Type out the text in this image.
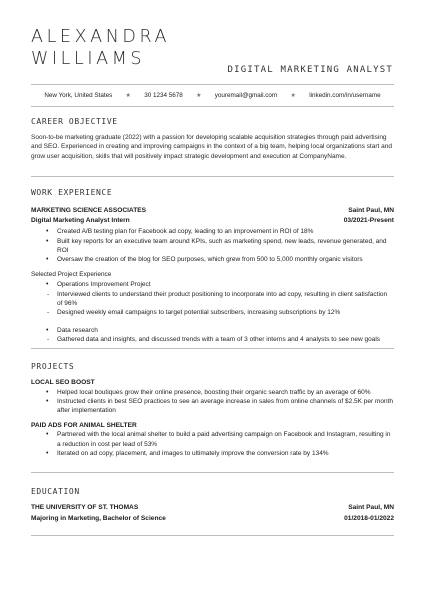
ALEXANDRA
WILLIAMS
DIGITAL MARKETING ANALYST
New York, United States ★ 30 1234 5678 ★ youremail@gmail.com ★ linkedin.com/in/username
CAREER OBJECTIVE
Soon-to-be marketing graduate (2022) with a passion for developing scalable acquisition strategies through paid advertising and SEO. Experienced in creating and improving campaigns in the context of a big team, helping local organizations start and grow user acquisition, skills that will positively impact strategic development and execution at CompanyName.
WORK EXPERIENCE
MARKETING SCIENCE ASSOCIATES	Saint Paul, MN
Digital Marketing Analyst Intern	03/2021-Present
• Created A/B testing plan for Facebook ad copy, leading to an improvement in ROI of 18%
• Built key reports for an executive team around KPIs, such as marketing spend, new leads, revenue generated, and ROI
• Oversaw the creation of the blog for SEO purposes, which grew from 500 to 5,000 monthly organic visitors
Selected Project Experience
• Operations Improvement Project
- Interviewed clients to understand their product positioning to incorporate into ad copy, resulting in client satisfaction of 96%
- Designed weekly email campaigns to target potential subscribers, increasing subscriptions by 12%
• Data research
- Gathered data and insights, and discussed trends with a team of 3 other interns and 4 analysts to see new goals
PROJECTS
LOCAL SEO BOOST
• Helped local boutiques grow their online presence, boosting their organic search traffic by an average of 60%
• Instructed clients in best SEO practices to see an average increase in sales from online channels of $2.5K per month after implementation
PAID ADS FOR ANIMAL SHELTER
• Partnered with the local animal shelter to build a paid advertising campaign on Facebook and Instagram, resulting in a reduction in cost per lead of 53%
• Iterated on ad copy, placement, and images to ultimately improve the conversion rate by 134%
EDUCATION
THE UNIVERSITY OF ST. THOMAS	Saint Paul, MN
Majoring in Marketing, Bachelor of Science	01/2018-01/2022
